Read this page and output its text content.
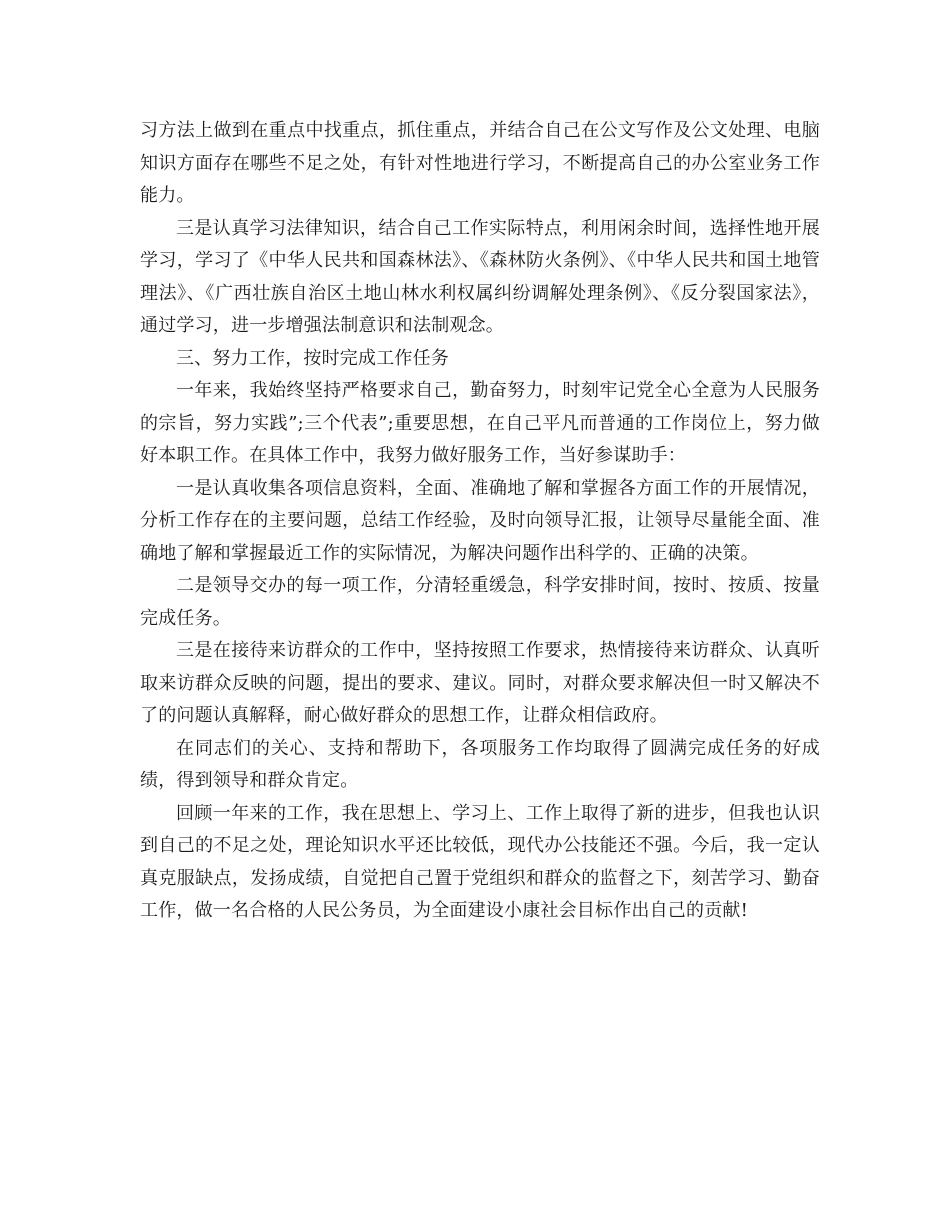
习方法上做到在重点中找重点，抓住重点，并结合自己在公文写作及公文处理、电脑知识方面存在哪些不足之处，有针对性地进行学习，不断提高自己的办公室业务工作能力。

三是认真学习法律知识，结合自己工作实际特点，利用闲余时间，选择性地开展学习，学习了《中华人民共和国森林法》、《森林防火条例》、《中华人民共和国土地管理法》、《广西壮族自治区土地山林水利权属纠纷调解处理条例》、《反分裂国家法》，通过学习，进一步增强法制意识和法制观念。

三、努力工作，按时完成工作任务

一年来，我始终坚持严格要求自己，勤奋努力，时刻牢记党全心全意为人民服务的宗旨，努力实践”;三个代表”;重要思想，在自己平凡而普通的工作岗位上，努力做好本职工作。在具体工作中，我努力做好服务工作，当好参谋助手：

一是认真收集各项信息资料，全面、准确地了解和掌握各方面工作的开展情况，分析工作存在的主要问题，总结工作经验，及时向领导汇报，让领导尽量能全面、准确地了解和掌握最近工作的实际情况，为解决问题作出科学的、正确的决策。

二是领导交办的每一项工作，分清轻重缓急，科学安排时间，按时、按质、按量完成任务。

三是在接待来访群众的工作中，坚持按照工作要求，热情接待来访群众、认真听取来访群众反映的问题，提出的要求、建议。同时，对群众要求解决但一时又解决不了的问题认真解释，耐心做好群众的思想工作，让群众相信政府。

在同志们的关心、支持和帮助下，各项服务工作均取得了圆满完成任务的好成绩，得到领导和群众肯定。

回顾一年来的工作，我在思想上、学习上、工作上取得了新的进步，但我也认识到自己的不足之处，理论知识水平还比较低，现代办公技能还不强。今后，我一定认真克服缺点，发扬成绩，自觉把自己置于党组织和群众的监督之下，刻苦学习、勤奋工作，做一名合格的人民公务员，为全面建设小康社会目标作出自己的贡献!
